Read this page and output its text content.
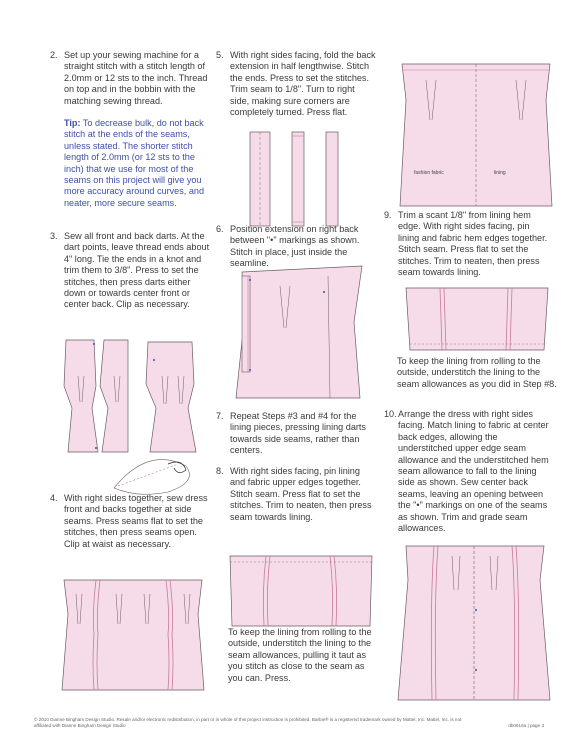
2. Set up your sewing machine for a straight stitch with a stitch length of 2.0mm or 12 sts to the inch. Thread on top and in the bobbin with the matching sewing thread.
Tip: To decrease bulk, do not back stitch at the ends of the seams, unless stated. The shorter stitch length of 2.0mm (or 12 sts to the inch) that we use for most of the seams on this project will give you more accuracy around curves, and neater, more secure seams.
3. Sew all front and back darts. At the dart points, leave thread ends about 4" long. Tie the ends in a knot and trim them to 3/8". Press to set the stitches, then press darts either down or towards center front or center back. Clip as necessary.
4. With right sides together, sew dress front and backs together at side seams. Press seams flat to set the stitches, then press seams open. Clip at waist as necessary.
5. With right sides facing, fold the back extension in half lengthwise. Stitch the ends. Press to set the stitches. Trim seam to 1/8". Turn to right side, making sure corners are completely turned. Press flat.
6. Position extension on right back between "•" markings as shown. Stitch in place, just inside the seamline.
7. Repeat Steps #3 and #4 for the lining pieces, pressing lining darts towards side seams, rather than centers.
8. With right sides facing, pin lining and fabric upper edges together. Stitch seam. Press flat to set the stitches. Trim to neaten, then press seam towards lining.
To keep the lining from rolling to the outside, understitch the lining to the seam allowances, pulling it taut as you stitch as close to the seam as you can. Press.
fashion fabric	lining
9. Trim a scant 1/8" from lining hem edge. With right sides facing, pin lining and fabric hem edges together. Stitch seam. Press flat to set the stitches. Trim to neaten, then press seam towards lining.
To keep the lining from rolling to the outside, understitch the lining to the seam allowances as you did in Step #8.
10. Arrange the dress with right sides facing. Match lining to fabric at center back edges, allowing the understitched upper edge seam allowance and the understitched hem seam allowance to fall to the lining side as shown. Sew center back seams, leaving an opening between the "•" markings on one of the seams as shown. Trim and grade seam allowances.
© 2010 Dianne Bingham Design Studio. Resale and/or electronic redistribution, in part or in whole of this project instruction is prohibited. Barbie® is a registered trademark owned by Mattel, Inc. Mattel, Inc. is not affiliated with Dianne Bingham Design Studio	db0616a | page 3
